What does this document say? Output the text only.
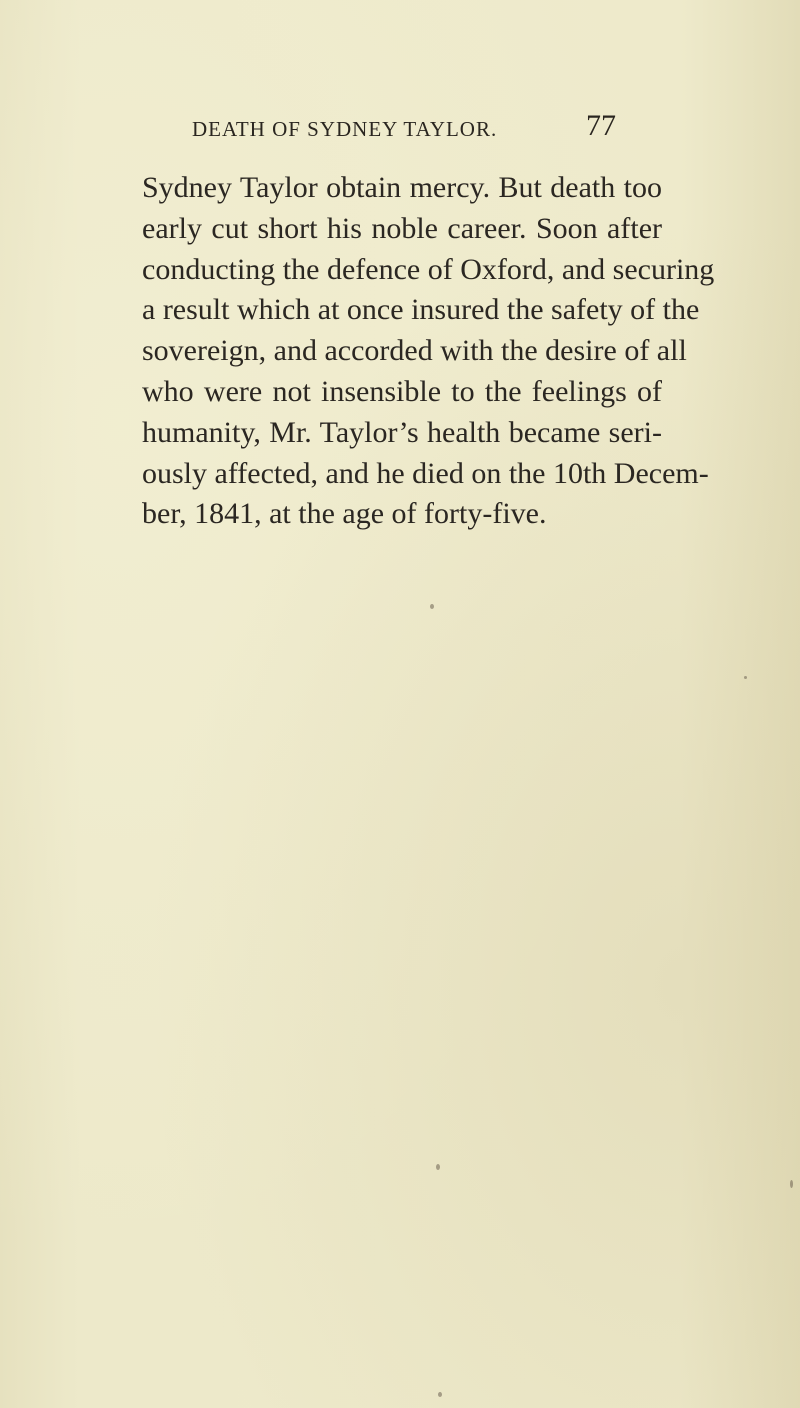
DEATH OF SYDNEY TAYLOR.	77
Sydney Taylor obtain mercy. But death too
early cut short his noble career. Soon after
conducting the defence of Oxford, and securing
a result which at once insured the safety of the
sovereign, and accorded with the desire of all
who were not insensible to the feelings of
humanity, Mr. Taylor’s health became seri-
ously affected, and he died on the 10th Decem-
ber, 1841, at the age of forty-five.
